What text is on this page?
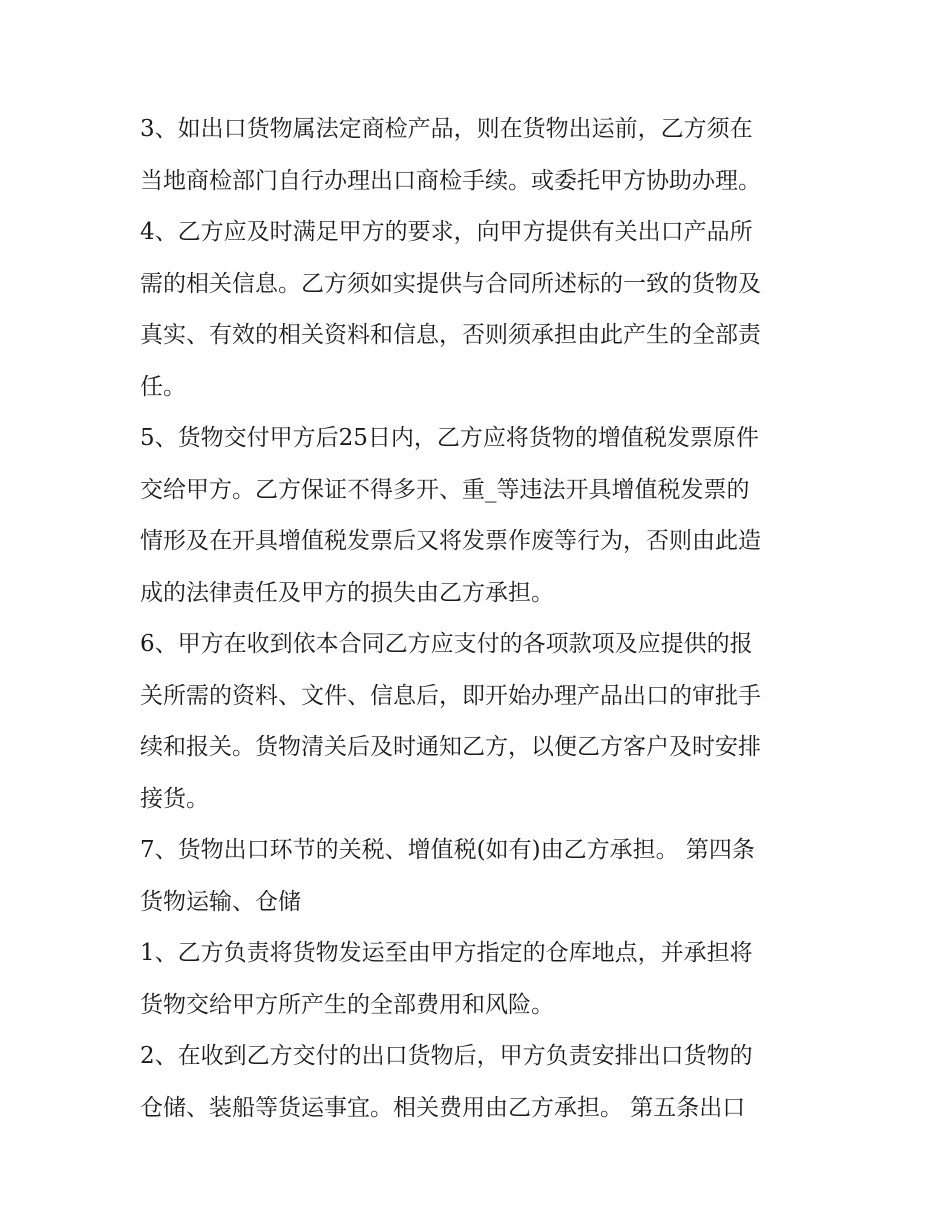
3、如出口货物属法定商检产品，则在货物出运前，乙方须在
当地商检部门自行办理出口商检手续。或委托甲方协助办理。
4、乙方应及时满足甲方的要求，向甲方提供有关出口产品所
需的相关信息。乙方须如实提供与合同所述标的一致的货物及
真实、有效的相关资料和信息，否则须承担由此产生的全部责
任。
5、货物交付甲方后25日内，乙方应将货物的增值税发票原件
交给甲方。乙方保证不得多开、重_等违法开具增值税发票的
情形及在开具增值税发票后又将发票作废等行为，否则由此造
成的法律责任及甲方的损失由乙方承担。
6、甲方在收到依本合同乙方应支付的各项款项及应提供的报
关所需的资料、文件、信息后，即开始办理产品出口的审批手
续和报关。货物清关后及时通知乙方，以便乙方客户及时安排
接货。
7、货物出口环节的关税、增值税(如有)由乙方承担。 第四条
货物运输、仓储
1、乙方负责将货物发运至由甲方指定的仓库地点，并承担将
货物交给甲方所产生的全部费用和风险。
2、在收到乙方交付的出口货物后，甲方负责安排出口货物的
仓储、装船等货运事宜。相关费用由乙方承担。 第五条出口
